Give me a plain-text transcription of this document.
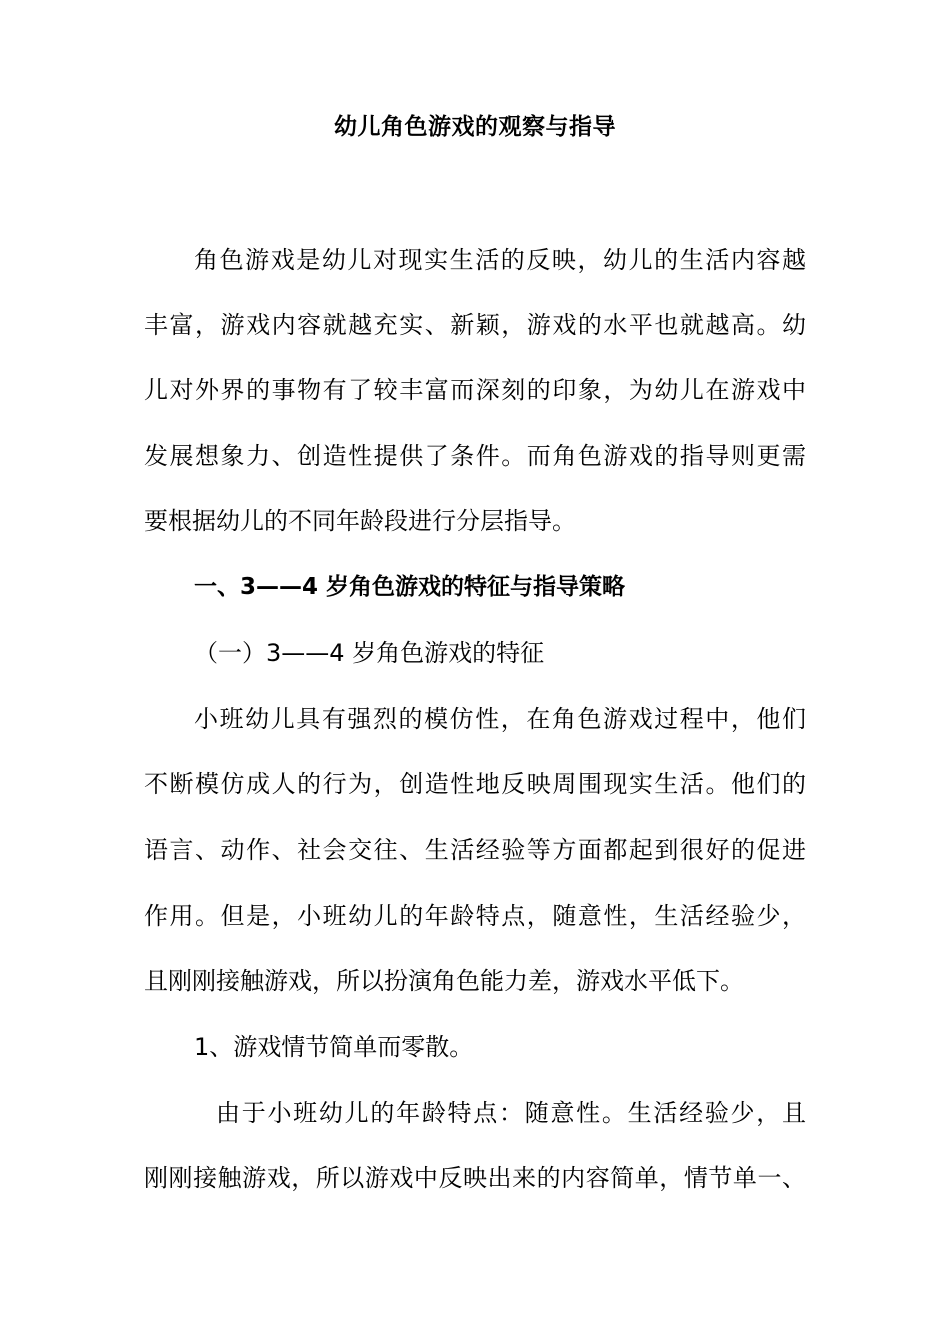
幼儿角色游戏的观察与指导
角色游戏是幼儿对现实生活的反映，幼儿的生活内容越
丰富，游戏内容就越充实、新颖，游戏的水平也就越高。幼
儿对外界的事物有了较丰富而深刻的印象，为幼儿在游戏中
发展想象力、创造性提供了条件。而角色游戏的指导则更需
要根据幼儿的不同年龄段进行分层指导。
一、3——4 岁角色游戏的特征与指导策略
（一）3——4 岁角色游戏的特征
小班幼儿具有强烈的模仿性，在角色游戏过程中，他们
不断模仿成人的行为，创造性地反映周围现实生活。他们的
语言、动作、社会交往、生活经验等方面都起到很好的促进
作用。但是，小班幼儿的年龄特点，随意性，生活经验少，
且刚刚接触游戏，所以扮演角色能力差，游戏水平低下。
1、游戏情节简单而零散。
由于小班幼儿的年龄特点：随意性。生活经验少，且
刚刚接触游戏，所以游戏中反映出来的内容简单，情节单一、
